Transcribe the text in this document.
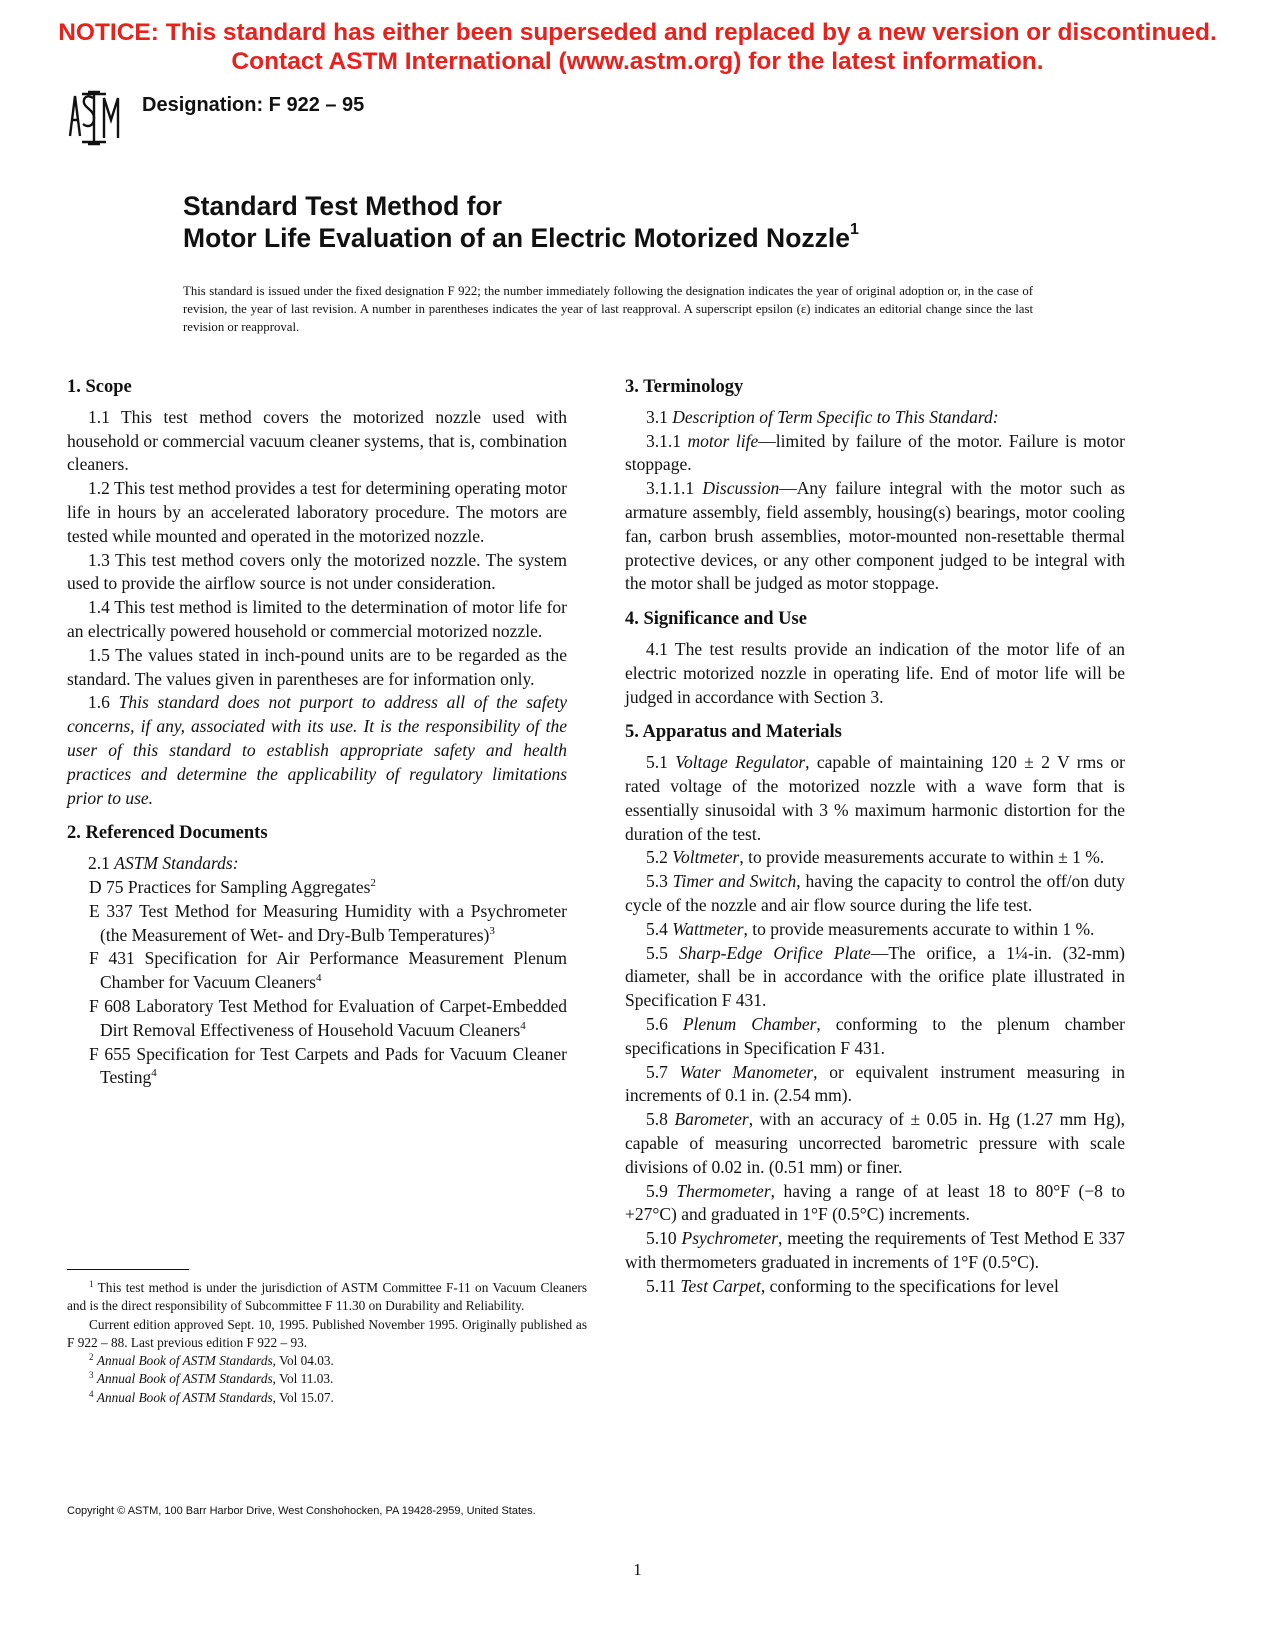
NOTICE: This standard has either been superseded and replaced by a new version or discontinued.
Contact ASTM International (www.astm.org) for the latest information.
ASTM
Designation: F 922 – 95
Standard Test Method for
Motor Life Evaluation of an Electric Motorized Nozzle$^1$
This standard is issued under the fixed designation F 922; the number immediately following the designation indicates the year of original adoption or, in the case of revision, the year of last revision. A number in parentheses indicates the year of last reapproval. A superscript epsilon (ε) indicates an editorial change since the last revision or reapproval.
1. Scope

1.1 This test method covers the motorized nozzle used with household or commercial vacuum cleaner systems, that is, combination cleaners.

1.2 This test method provides a test for determining operating motor life in hours by an accelerated laboratory procedure. The motors are tested while mounted and operated in the motorized nozzle.

1.3 This test method covers only the motorized nozzle. The system used to provide the airflow source is not under consideration.

1.4 This test method is limited to the determination of motor life for an electrically powered household or commercial motorized nozzle.

1.5 The values stated in inch-pound units are to be regarded as the standard. The values given in parentheses are for information only.

1.6 This standard does not purport to address all of the safety concerns, if any, associated with its use. It is the responsibility of the user of this standard to establish appropriate safety and health practices and determine the applicability of regulatory limitations prior to use.

2. Referenced Documents

2.1 ASTM Standards:

D 75 Practices for Sampling Aggregates$^2$

E 337 Test Method for Measuring Humidity with a Psychrometer (the Measurement of Wet- and Dry-Bulb Temperatures)$^3$

F 431 Specification for Air Performance Measurement Plenum Chamber for Vacuum Cleaners$^4$

F 608 Laboratory Test Method for Evaluation of Carpet-Embedded Dirt Removal Effectiveness of Household Vacuum Cleaners$^4$

F 655 Specification for Test Carpets and Pads for Vacuum Cleaner Testing$^4$

$^1$ This test method is under the jurisdiction of ASTM Committee F-11 on Vacuum Cleaners and is the direct responsibility of Subcommittee F 11.30 on Durability and Reliability.

Current edition approved Sept. 10, 1995. Published November 1995. Originally published as F 922 – 88. Last previous edition F 922 – 93.

$^2$ Annual Book of ASTM Standards, Vol 04.03.

$^3$ Annual Book of ASTM Standards, Vol 11.03.

$^4$ Annual Book of ASTM Standards, Vol 15.07.

3. Terminology

3.1 Description of Term Specific to This Standard:

3.1.1 motor life—limited by failure of the motor. Failure is motor stoppage.

3.1.1.1 Discussion—Any failure integral with the motor such as armature assembly, field assembly, housing(s) bearings, motor cooling fan, carbon brush assemblies, motor-mounted non-resettable thermal protective devices, or any other component judged to be integral with the motor shall be judged as motor stoppage.

4. Significance and Use

4.1 The test results provide an indication of the motor life of an electric motorized nozzle in operating life. End of motor life will be judged in accordance with Section 3.

5. Apparatus and Materials

5.1 Voltage Regulator, capable of maintaining 120 ± 2 V rms or rated voltage of the motorized nozzle with a wave form that is essentially sinusoidal with 3 % maximum harmonic distortion for the duration of the test.

5.2 Voltmeter, to provide measurements accurate to within ± 1 %.

5.3 Timer and Switch, having the capacity to control the off/on duty cycle of the nozzle and air flow source during the life test.

5.4 Wattmeter, to provide measurements accurate to within 1 %.

5.5 Sharp-Edge Orifice Plate—The orifice, a 1¼-in. (32-mm) diameter, shall be in accordance with the orifice plate illustrated in Specification F 431.

5.6 Plenum Chamber, conforming to the plenum chamber specifications in Specification F 431.

5.7 Water Manometer, or equivalent instrument measuring in increments of 0.1 in. (2.54 mm).

5.8 Barometer, with an accuracy of ± 0.05 in. Hg (1.27 mm Hg), capable of measuring uncorrected barometric pressure with scale divisions of 0.02 in. (0.51 mm) or finer.

5.9 Thermometer, having a range of at least 18 to 80°F (−8 to +27°C) and graduated in 1°F (0.5°C) increments.

5.10 Psychrometer, meeting the requirements of Test Method E 337 with thermometers graduated in increments of 1°F (0.5°C).

5.11 Test Carpet, conforming to the specifications for level

Copyright © ASTM, 100 Barr Harbor Drive, West Conshohocken, PA 19428-2959, United States.
1
